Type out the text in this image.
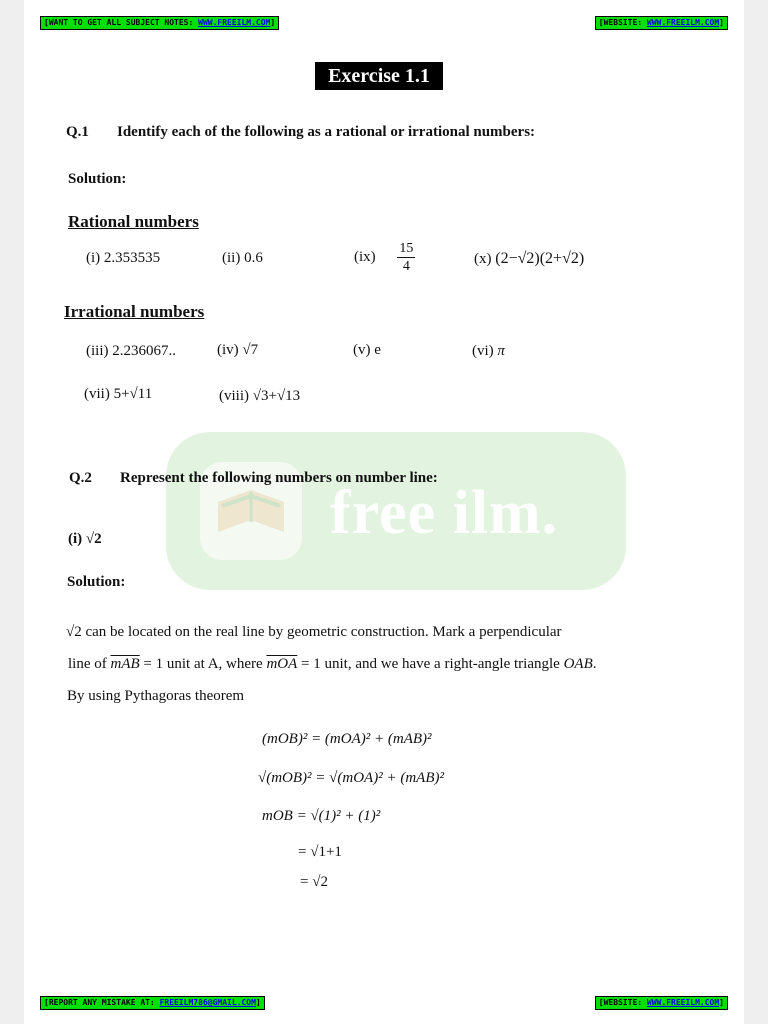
[WANT TO GET ALL SUBJECT NOTES: WWW.FREEILM.COM]	[WEBSITE: WWW.FREEILM.COM]
Exercise 1.1
Q.1 Identify each of the following as a rational or irrational numbers:
Solution:
Rational numbers
(i) 2.353535	(ii) 0.6	$(ix) \frac{15}{4}$	(x) (2−√2)(2+√2)
Irrational numbers
(iii) 2.236067..	(iv) √7	(v) e	(vi) π
(vii) 5+√11	(viii) √3+√13
free ilm.
Q.2 Represent the following numbers on number line:
(i) √2
Solution:
√2 can be located on the real line by geometric construction. Mark a perpendicular
line of $\overline{mAB} = 1$ unit at A, where $\overline{mOA} = 1$ unit, and we have a right-angle triangle OAB.
By using Pythagoras theorem
(mOB)² = (mOA)² + (mAB)²
√(mOB)² = √(mOA)² + (mAB)²
mOB = √(1)² + (1)²
= √1+1
= √2
[REPORT ANY MISTAKE AT: FREEILM786@GMAIL.COM]	[WEBSITE: WWW.FREEILM.COM]
